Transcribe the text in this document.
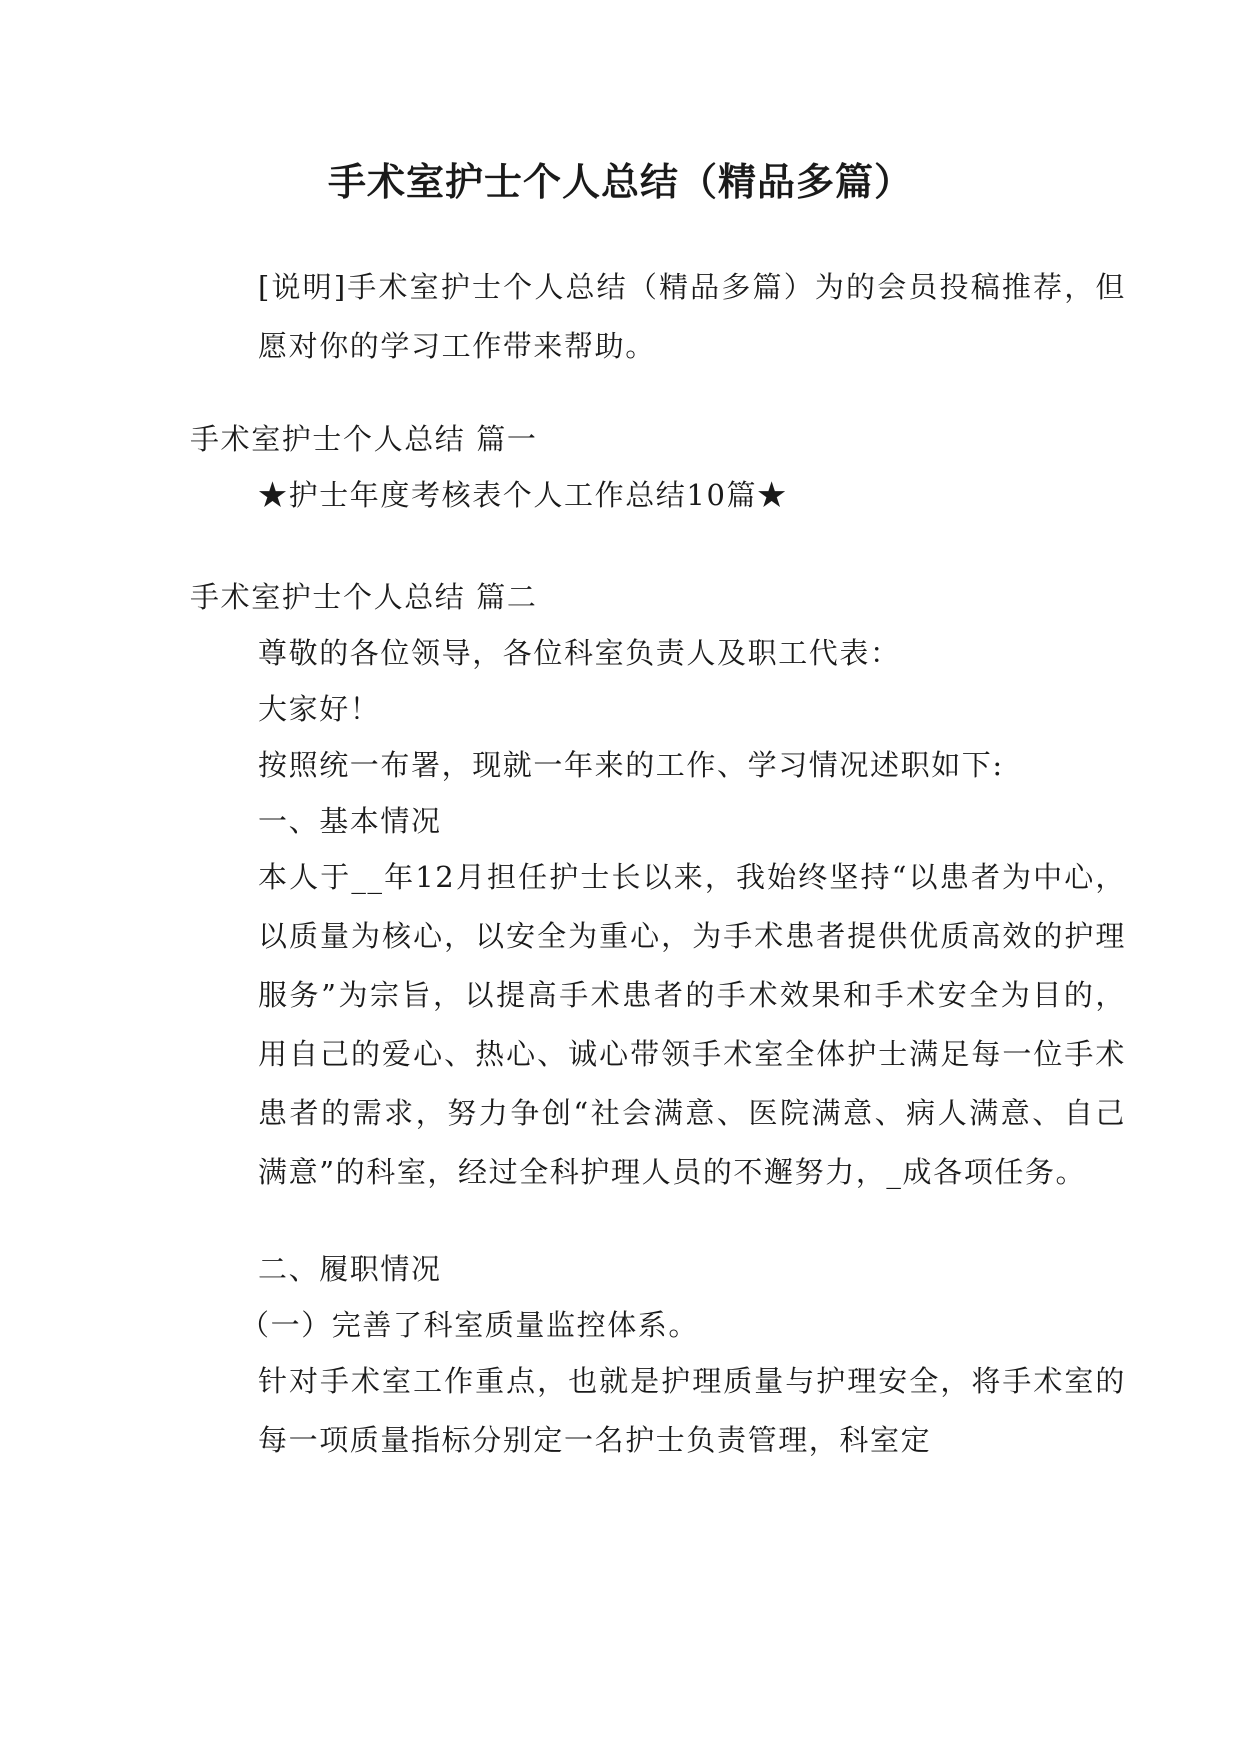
手术室护士个人总结（精品多篇）

[说明]手术室护士个人总结（精品多篇）为的会员投稿推荐，但愿对你的学习工作带来帮助。

手术室护士个人总结 篇一

★护士年度考核表个人工作总结10篇★

手术室护士个人总结 篇二

尊敬的各位领导，各位科室负责人及职工代表：

大家好！

按照统一布署，现就一年来的工作、学习情况述职如下:

一、基本情况

本人于__年12月担任护士长以来，我始终坚持“以患者为中心，以质量为核心，以安全为重心，为手术患者提供优质高效的护理服务”为宗旨，以提高手术患者的手术效果和手术安全为目的，用自己的爱心、热心、诚心带领手术室全体护士满足每一位手术患者的需求，努力争创“社会满意、医院满意、病人满意、自己满意”的科室，经过全科护理人员的不邂努力，_成各项任务。

二、履职情况

（一）完善了科室质量监控体系。

针对手术室工作重点，也就是护理质量与护理安全，将手术室的每一项质量指标分别定一名护士负责管理，科室定
